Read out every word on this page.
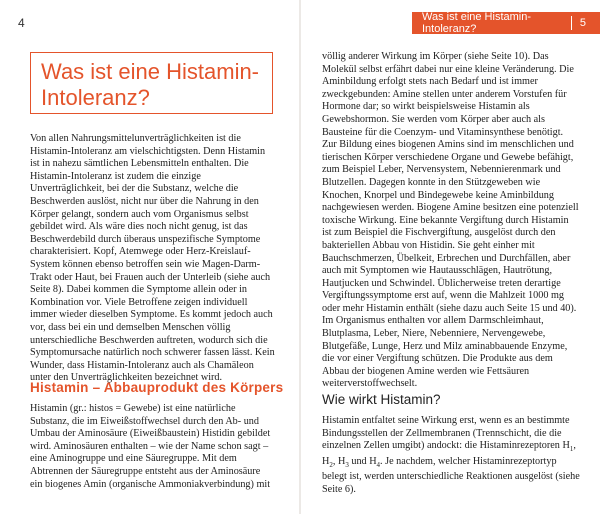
4	Was ist eine Histamin-Intoleranz?	5
Was ist eine Histamin-Intoleranz?

Von allen Nahrungsmittelunverträglichkeiten ist die Histamin-Intoleranz am vielschichtigsten. Denn Histamin ist in nahezu sämtlichen Lebensmitteln enthalten. Die Histamin-Intoleranz ist zudem die einzige Unverträglichkeit, bei der die Substanz, welche die Beschwerden auslöst, nicht nur über die Nahrung in den Körper gelangt, sondern auch vom Organismus selbst gebildet wird. Als wäre dies noch nicht genug, ist das Beschwerdebild durch überaus unspezifische Symptome charakterisiert. Kopf, Atemwege oder Herz-Kreislauf-System können ebenso betroffen sein wie Magen-Darm-Trakt oder Haut, bei Frauen auch der Unterleib (siehe auch Seite 8). Dabei kommen die Symptome allein oder in Kombination vor. Viele Betroffene zeigen individuell immer wieder dieselben Symptome. Es kommt jedoch auch vor, dass bei ein und demselben Menschen völlig unterschiedliche Beschwerden auftreten, wodurch sich die Symptomursache natürlich noch schwerer fassen lässt. Kein Wunder, dass Histamin-Intoleranz auch als Chamäleon unter den Unverträglichkeiten bezeichnet wird.

Histamin – Abbauprodukt des Körpers

Histamin (gr.: histos = Gewebe) ist eine natürliche Substanz, die im Eiweißstoffwechsel durch den Ab- und Umbau der Aminosäure (Eiweißbaustein) Histidin gebildet wird. Aminosäuren enthalten – wie der Name schon sagt – eine Aminogruppe und eine Säuregruppe. Mit dem Abtrennen der Säuregruppe entsteht aus der Aminosäure ein biogenes Amin (organische Ammoniakverbindung) mit

völlig anderer Wirkung im Körper (siehe Seite 10). Das Molekül selbst erfährt dabei nur eine kleine Veränderung. Die Aminbildung erfolgt stets nach Bedarf und ist immer zweckgebunden: Amine stellen unter anderem Vorstufen für Hormone dar; so wirkt beispielsweise Histamin als Gewebshormon. Sie werden vom Körper aber auch als Bausteine für die Coenzym- und Vitaminsynthese benötigt. Zur Bildung eines biogenen Amins sind im menschlichen und tierischen Körper verschiedene Organe und Gewebe befähigt, zum Beispiel Leber, Nervensystem, Nebennierenmark und Blutzellen. Dagegen konnte in den Stützgeweben wie Knochen, Knorpel und Bindegewebe keine Aminbildung nachgewiesen werden. Biogene Amine besitzen eine potenziell toxische Wirkung. Eine bekannte Vergiftung durch Histamin ist zum Beispiel die Fischvergiftung, ausgelöst durch den bakteriellen Abbau von Histidin. Sie geht einher mit Bauchschmerzen, Übelkeit, Erbrechen und Durchfällen, aber auch mit Symptomen wie Hautausschlägen, Hautrötung, Hautjucken und Schwindel. Üblicherweise treten derartige Vergiftungssymptome erst auf, wenn die Mahlzeit 1000 mg oder mehr Histamin enthält (siehe dazu auch Seite 15 und 40). Im Organismus enthalten vor allem Darmschleimhaut, Blutplasma, Leber, Niere, Nebenniere, Nervengewebe, Blutgefäße, Lunge, Herz und Milz aminabbauende Enzyme, die vor einer Vergiftung schützen. Die Produkte aus dem Abbau der biogenen Amine werden wie Fettsäuren weiterverstoffwechselt.

Wie wirkt Histamin?

Histamin entfaltet seine Wirkung erst, wenn es an bestimmte Bindungsstellen der Zellmembranen (Trennschicht, die die einzelnen Zellen umgibt) andockt: die Histaminrezeptoren $H_1$, $H_2$, $H_3$ und $H_4$. Je nachdem, welcher Histaminrezeptortyp belegt ist, werden unterschiedliche Reaktionen ausgelöst (siehe Seite 6).
